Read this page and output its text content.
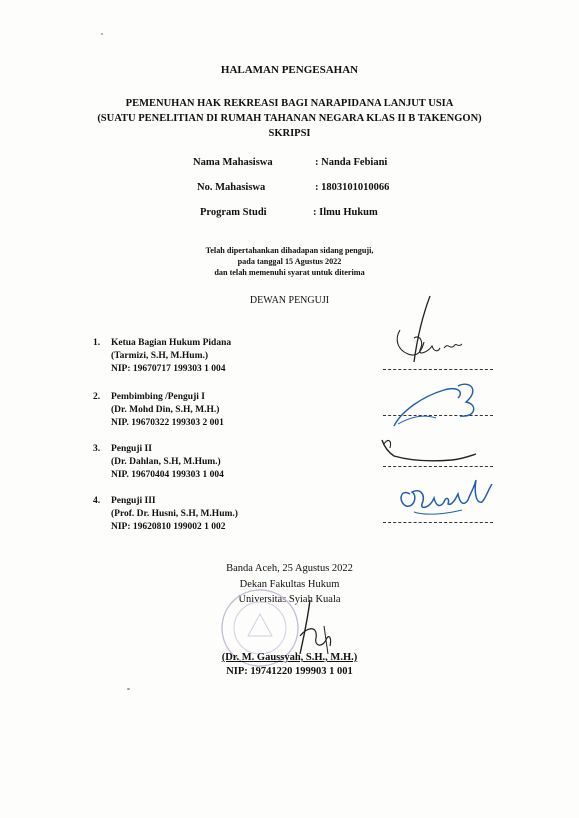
HALAMAN PENGESAHAN
PEMENUHAN HAK REKREASI BAGI NARAPIDANA LANJUT USIA
(SUATU PENELITIAN DI RUMAH TAHANAN NEGARA KLAS II B TAKENGON)
SKRIPSI
Nama Mahasiswa	: Nanda Febiani
No. Mahasiswa	: 1803101010066
Program Studi	: Ilmu Hukum
Telah dipertahankan dihadapan sidang penguji,
pada tanggal 15 Agustus 2022
dan telah memenuhi syarat untuk diterima
DEWAN PENGUJI
1.	Ketua Bagian Hukum Pidana
(Tarmizi, S.H, M.Hum.)
NIP: 19670717 199303 1 004
2.	Pembimbing /Penguji I
(Dr. Mohd Din, S.H, M.H.)
NIP. 19670322 199303 2 001
3.	Penguji II
(Dr. Dahlan, S.H, M.Hum.)
NIP. 19670404 199303 1 004
4.	Penguji III
(Prof. Dr. Husni, S.H, M.Hum.)
NIP: 19620810 199002 1 002
Banda Aceh, 25 Agustus 2022
Dekan Fakultas Hukum
Universitas Syiah Kuala
(Dr. M. Gaussyah, S.H., M.H.)
NIP: 19741220 199903 1 001
